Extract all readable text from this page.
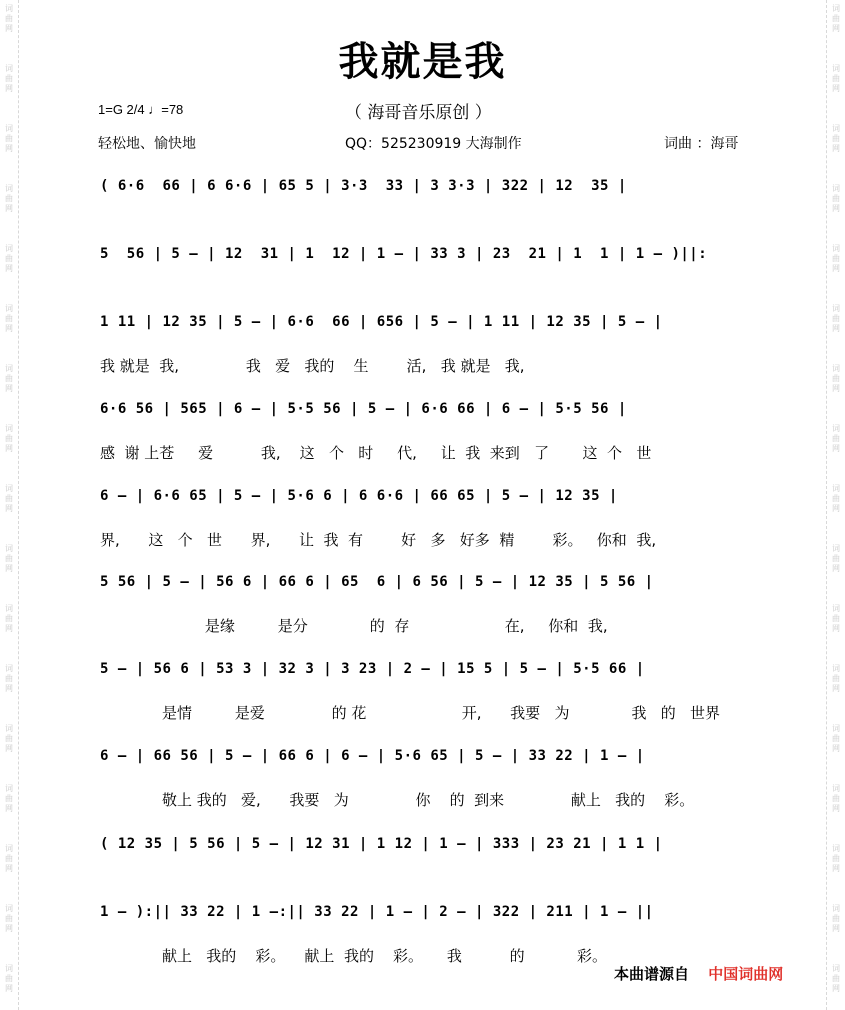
词
曲
网
词
曲
网
词
曲
网
词
曲
网
词
曲
网
词
曲
网
词
曲
网
词
曲
网
词
曲
网
词
曲
网
词
曲
网
词
曲
网
词
曲
网
词
曲
网
词
曲
网
词
曲
网
词
曲
网
词
曲
网
词
曲
网
词
曲
网
词
曲
网
词
曲
网
词
曲
网
词
曲
网
词
曲
网
词
曲
网
词
曲
网
词
曲
网
词
曲
网
词
曲
网
词
曲
网
词
曲
网
词
曲
网
词
曲
网
我就是我
1=G 2/4 ♩=78	（ 海哥音乐原创 ）
轻松地、愉快地	QQ：525230919 大海制作	词曲 ：海哥
( 6·6  66 | 6 6·6 | 65 5 | 3·3  33 | 3 3·3 | 322 | 12  35 |
5  56 | 5 — | 12  31 | 1  12 | 1 — | 33 3 | 23  21 | 1  1 | 1 — )||:
1 11 | 12 35 | 5 — | 6·6  66 | 656 | 5 — | 1 11 | 12 35 | 5 — |
我 就是  我,              我   爱   我的    生        活,   我 就是   我,
6·6 56 | 565 | 6 — | 5·5 56 | 5 — | 6·6 66 | 6 — | 5·5 56 |
感  谢 上苍     爱          我,    这   个   时     代,     让  我  来到   了       这  个   世
6 — | 6·6 65 | 5 — | 5·6 6 | 6 6·6 | 66 65 | 5 — | 12 35 |
界,      这   个   世      界,      让  我  有        好   多   好多  精        彩。   你和  我,
5 56 | 5 — | 56 6 | 66 6 | 65  6 | 6 56 | 5 — | 12 35 | 5 56 |
是缘         是分             的  存                    在,     你和  我,
5 — | 56 6 | 53 3 | 32 3 | 3 23 | 2 — | 15 5 | 5 — | 5·5 66 |
是情         是爱              的 花                    开,      我要   为             我   的   世界
6 — | 66 56 | 5 — | 66 6 | 6 — | 5·6 65 | 5 — | 33 22 | 1 — |
敬上 我的   爱,      我要   为              你    的  到来              献上   我的    彩。
( 12 35 | 5 56 | 5 — | 12 31 | 1 12 | 1 — | 333 | 23 21 | 1 1 |
1 — ):|| 33 22 | 1 —:|| 33 22 | 1 — | 2 — | 322 | 211 | 1 — ||
献上   我的    彩。    献上  我的    彩。     我          的           彩。
本曲谱源自 中国词曲网
